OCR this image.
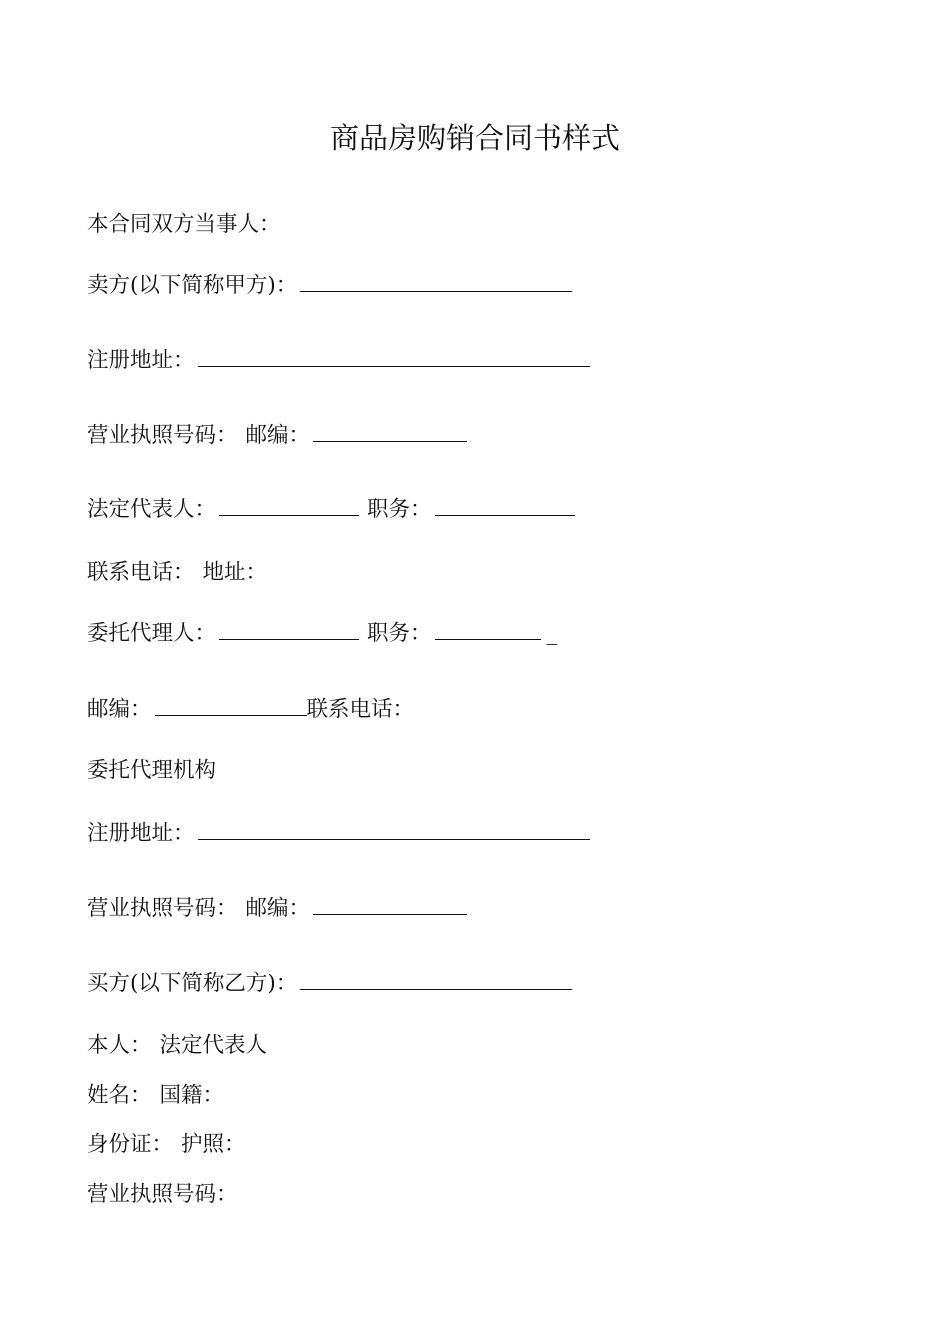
商品房购销合同书样式
本合同双方当事人：
卖方(以下简称甲方)：
注册地址：
营业执照号码： 邮编：
法定代表人：	职务：
联系电话： 地址：
委托代理人：	职务：	_
邮编：	联系电话：
委托代理机构
注册地址：
营业执照号码： 邮编：
买方(以下简称乙方)：
本人： 法定代表人
姓名： 国籍：
身份证： 护照：
营业执照号码：
